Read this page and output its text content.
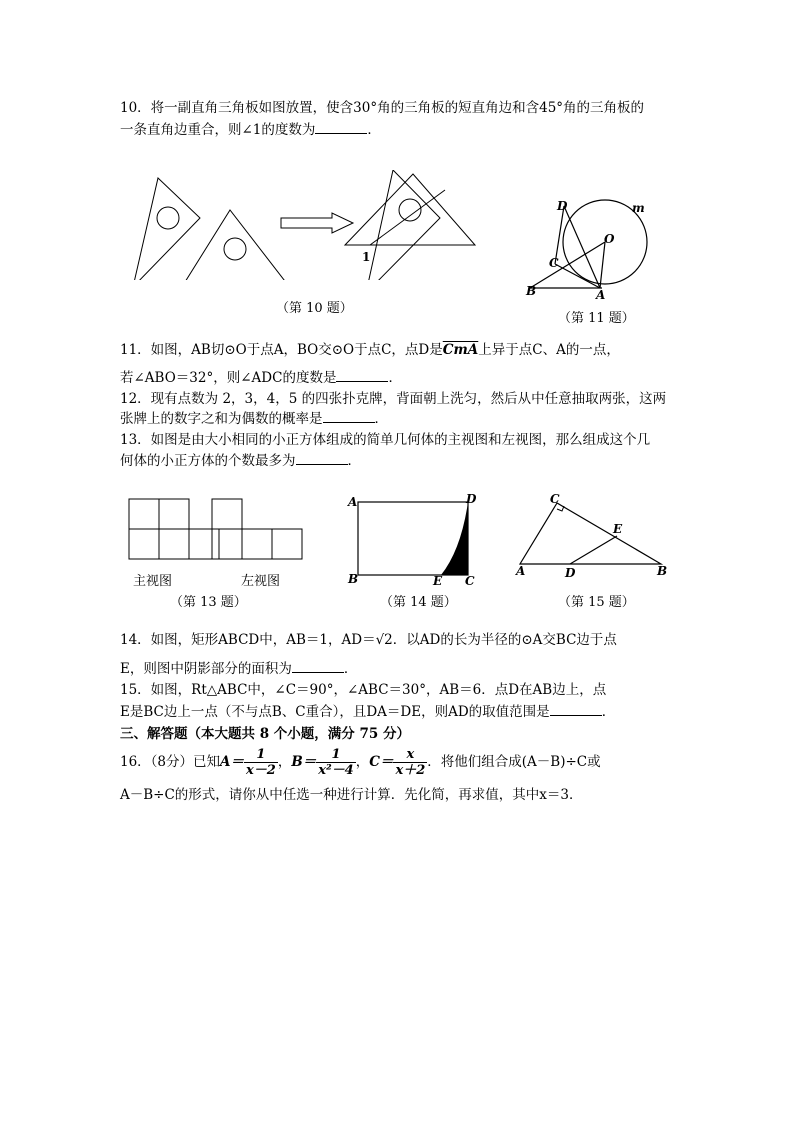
10．将一副直角三角板如图放置，使含30°角的三角板的短直角边和含45°角的三角板的
一条直角边重合，则∠1的度数为	．
1
（第 10 题）
D	m
O
C
B	A
（第 11 题）
11．如图，AB切⊙O于点A，BO交⊙O于点C，点D是$\overline{CmA}$上异于点C、A的一点，
若∠ABO＝32°，则∠ADC的度数是	．
12．现有点数为 2，3，4，5 的四张扑克牌，背面朝上洗匀，然后从中任意抽取两张，这两
张牌上的数字之和为偶数的概率是	．
13．如图是由大小相同的小正方体组成的简单几何体的主视图和左视图，那么组成这个几
何体的小正方体的个数最多为	．
主视图	左视图
（第 13 题）
A	D
B	E C
（第 14 题）
C
E
A	D	B
（第 15 题）
14．如图，矩形ABCD中，AB＝1，AD＝√2．以AD的长为半径的⊙A交BC边于点
E，则图中阴影部分的面积为	．
15．如图，Rt△ABC中，∠C＝90°，∠ABC＝30°，AB＝6．点D在AB边上，点
E是BC边上一点（不与点B、C重合），且DA＝DE，则AD的取值范围是	．
三、解答题（本大题共 8 个小题，满分 75 分）
16．（8分）已知$A= \frac{1}{x-2}$ ，$B= \frac{1}{\text{x²－4}}$ ，$C= \frac{x}{x+2}$ ．将他们组合成(A－B)÷C或
A－B÷C的形式，请你从中任选一种进行计算．先化简，再求值，其中x＝3．
